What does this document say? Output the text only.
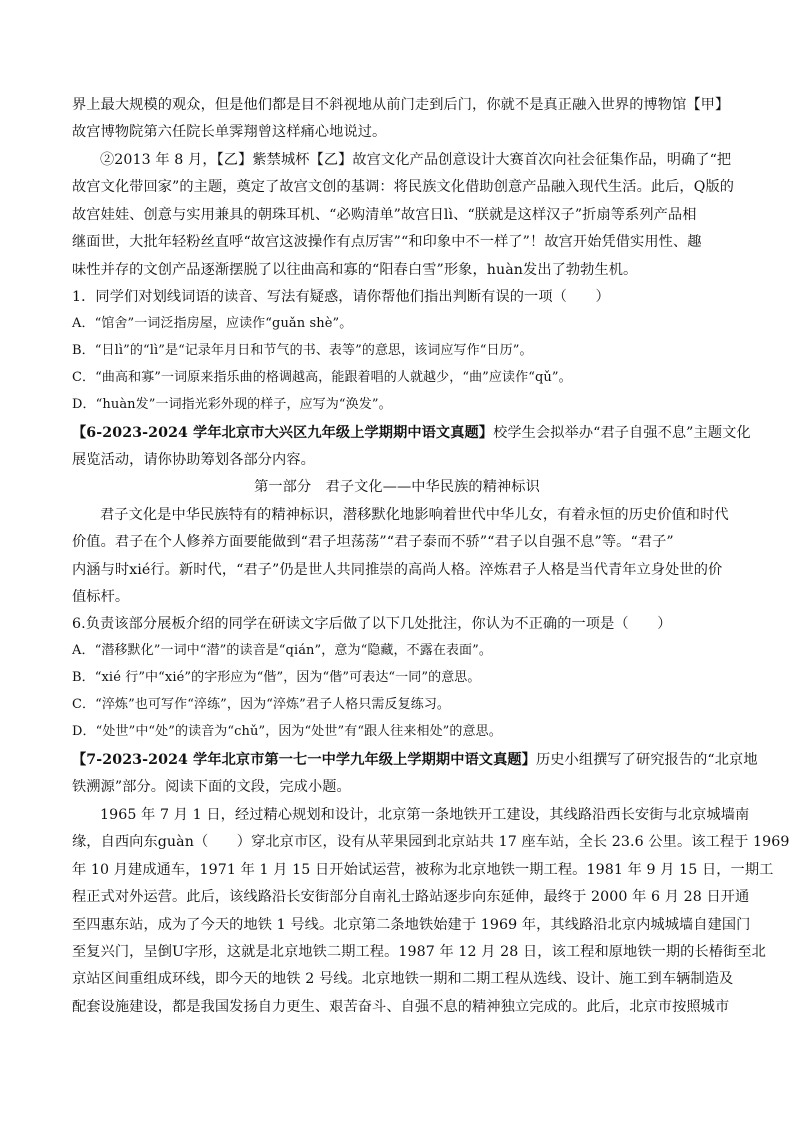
界上最大规模的观众，但是他们都是目不斜视地从前门走到后门，你就不是真正融入世界的博物馆【甲】
故宫博物院第六任院长单霁翔曾这样痛心地说过。
②2013 年 8 月，【乙】紫禁城杯【乙】故宫文化产品创意设计大赛首次向社会征集作品，明确了“把
故宫文化带回家”的主题，奠定了故宫文创的基调：将民族文化借助创意产品融入现代生活。此后，Q版的
故宫娃娃、创意与实用兼具的朝珠耳机、“必购清单”故宫日lì、“朕就是这样汉子”折扇等系列产品相
继面世，大批年轻粉丝直呼“故宫这波操作有点厉害”“和印象中不一样了”！故宫开始凭借实用性、趣
味性并存的文创产品逐渐摆脱了以往曲高和寡的“阳春白雪”形象，huàn发出了勃勃生机。
1．同学们对划线词语的读音、写法有疑惑，请你帮他们指出判断有误的一项（　　）
A．“馆舍”一词泛指房屋，应读作“guǎn shè”。
B．“日lì”的“lì”是“记录年月日和节气的书、表等”的意思，该词应写作“日历”。
C．“曲高和寡”一词原来指乐曲的格调越高，能跟着唱的人就越少，“曲”应读作“qǔ”。
D．“huàn发”一词指光彩外现的样子，应写为“涣发”。
【6-2023-2024 学年北京市大兴区九年级上学期期中语文真题】校学生会拟举办“君子自强不息”主题文化
展览活动，请你协助筹划各部分内容。
第一部分　君子文化——中华民族的精神标识
君子文化是中华民族特有的精神标识，潜移默化地影响着世代中华儿女，有着永恒的历史价值和时代
价值。君子在个人修养方面要能做到“君子坦荡荡”“君子泰而不骄”“君子以自强不息”等。“君子”
内涵与时xié行。新时代，“君子”仍是世人共同推崇的高尚人格。淬炼君子人格是当代青年立身处世的价
值标杆。
6.负责该部分展板介绍的同学在研读文字后做了以下几处批注，你认为不正确的一项是（　　）
A．“潜移默化”一词中“潜”的读音是“qián”，意为“隐藏，不露在表面”。
B．“xié 行”中“xié”的字形应为“偕”，因为“偕”可表达“一同”的意思。
C．“淬炼”也可写作“淬练”，因为“淬炼”君子人格只需反复练习。
D．“处世”中“处”的读音为“chǔ”，因为“处世”有“跟人往来相处”的意思。
【7-2023-2024 学年北京市第一七一中学九年级上学期期中语文真题】历史小组撰写了研究报告的“北京地
铁溯源”部分。阅读下面的文段，完成小题。
1965 年 7 月 1 日，经过精心规划和设计，北京第一条地铁开工建设，其线路沿西长安街与北京城墙南
缘，自西向东guàn（　　）穿北京市区，设有从苹果园到北京站共 17 座车站，全长 23.6 公里。该工程于 1969
年 10 月建成通车，1971 年 1 月 15 日开始试运营，被称为北京地铁一期工程。1981 年 9 月 15 日，一期工
程正式对外运营。此后，该线路沿长安街部分自南礼士路站逐步向东延伸，最终于 2000 年 6 月 28 日开通
至四惠东站，成为了今天的地铁 1 号线。北京第二条地铁始建于 1969 年，其线路沿北京内城城墙自建国门
至复兴门，呈倒U字形，这就是北京地铁二期工程。1987 年 12 月 28 日，该工程和原地铁一期的长椿街至北
京站区间重组成环线，即今天的地铁 2 号线。北京地铁一期和二期工程从选线、设计、施工到车辆制造及
配套设施建设，都是我国发扬自力更生、艰苦奋斗、自强不息的精神独立完成的。此后，北京市按照城市
